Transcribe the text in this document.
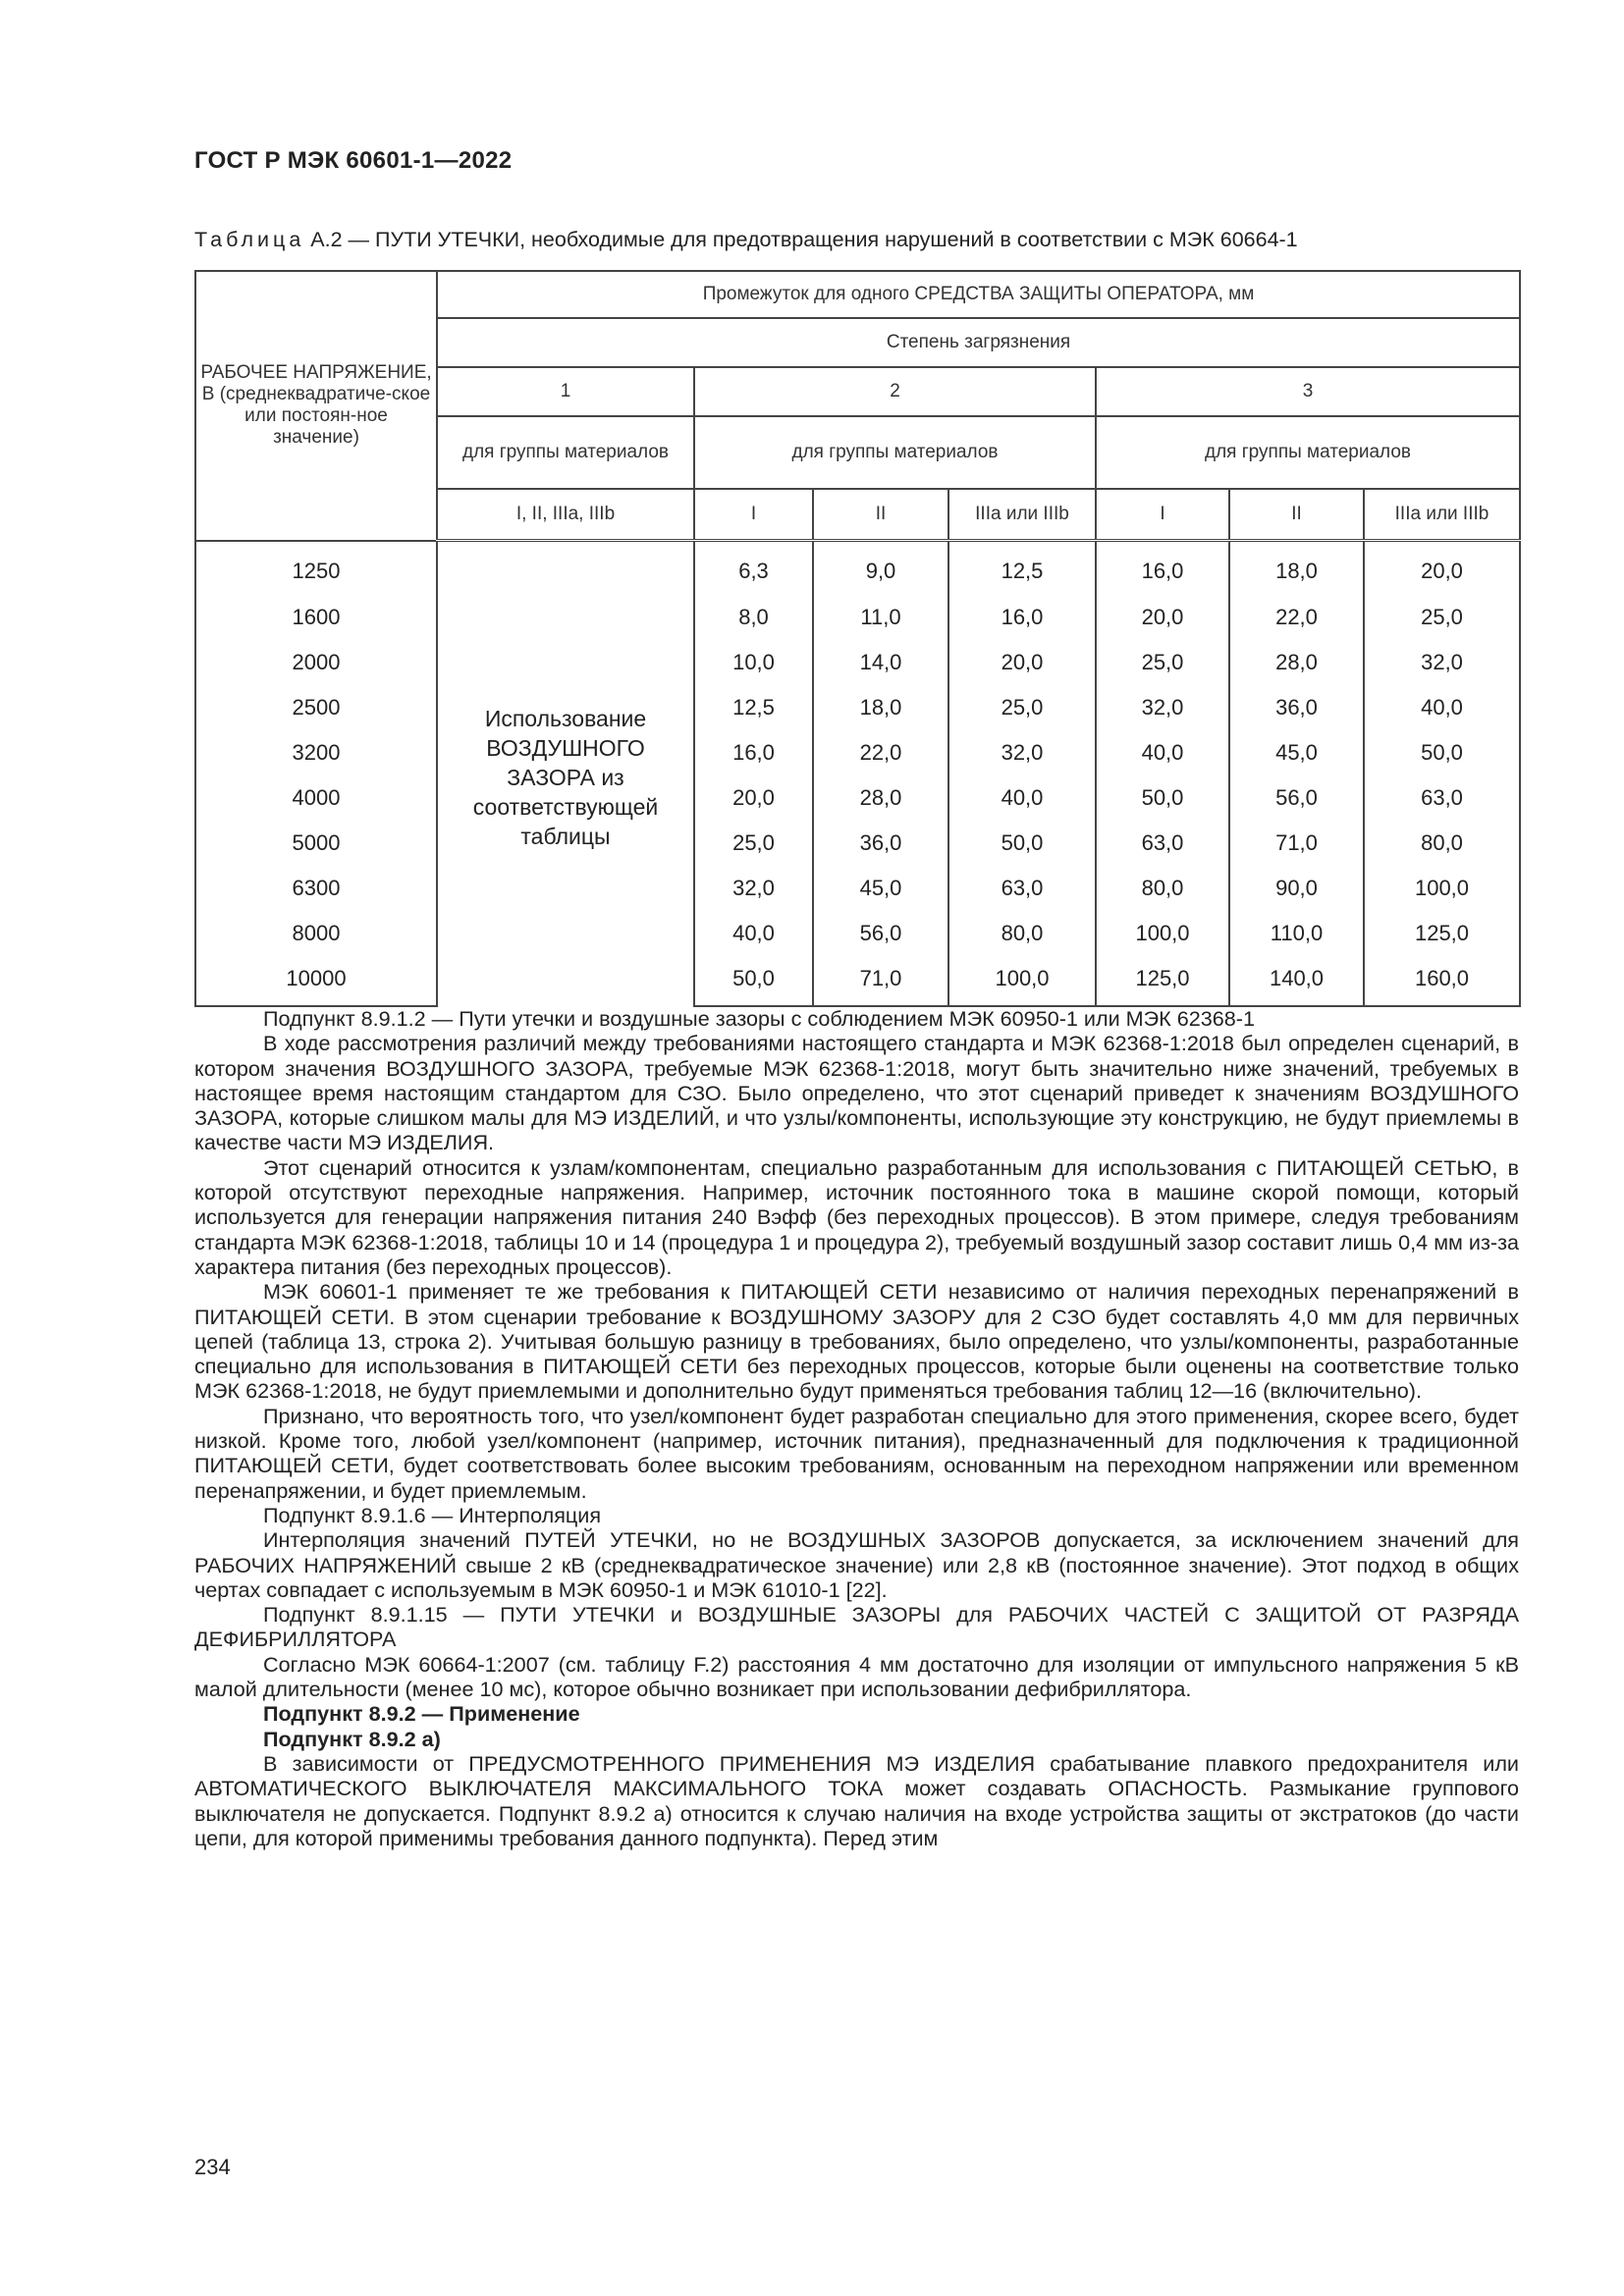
ГОСТ Р МЭК 60601-1—2022
Таблица А.2 — ПУТИ УТЕЧКИ, необходимые для предотвращения нарушений в соответствии с МЭК 60664-1
РАБОЧЕЕ НАПРЯЖЕНИЕ, В (среднеквадратиче-ское или постоян-ное значение)	Промежуток для одного СРЕДСТВА ЗАЩИТЫ ОПЕРАТОРА, мм						
	Степень загрязнения						
	1	2			3		
	для группы материалов	для группы материалов			для группы материалов		
	I, II, IIIa, IIIb	I	II	IIIa или IIIb	I	II	IIIa или IIIb
1250	Использование ВОЗДУШНОГО ЗАЗОРА из соответствующей таблицы	6,3	9,0	12,5	16,0	18,0	20,0
1600		8,0	11,0	16,0	20,0	22,0	25,0
2000		10,0	14,0	20,0	25,0	28,0	32,0
2500		12,5	18,0	25,0	32,0	36,0	40,0
3200		16,0	22,0	32,0	40,0	45,0	50,0
4000		20,0	28,0	40,0	50,0	56,0	63,0
5000		25,0	36,0	50,0	63,0	71,0	80,0
6300		32,0	45,0	63,0	80,0	90,0	100,0
8000		40,0	56,0	80,0	100,0	110,0	125,0
10000		50,0	71,0	100,0	125,0	140,0	160,0

Подпункт 8.9.1.2 — Пути утечки и воздушные зазоры с соблюдением МЭК 60950-1 или МЭК 62368-1

В ходе рассмотрения различий между требованиями настоящего стандарта и МЭК 62368-1:2018 был определен сценарий, в котором значения ВОЗДУШНОГО ЗАЗОРА, требуемые МЭК 62368-1:2018, могут быть значительно ниже значений, требуемых в настоящее время настоящим стандартом для СЗО. Было определено, что этот сценарий приведет к значениям ВОЗДУШНОГО ЗАЗОРА, которые слишком малы для МЭ ИЗДЕЛИЙ, и что узлы/компоненты, использующие эту конструкцию, не будут приемлемы в качестве части МЭ ИЗДЕЛИЯ.

Этот сценарий относится к узлам/компонентам, специально разработанным для использования с ПИТАЮЩЕЙ СЕТЬЮ, в которой отсутствуют переходные напряжения. Например, источник постоянного тока в машине скорой помощи, который используется для генерации напряжения питания 240 Вэфф (без переходных процессов). В этом примере, следуя требованиям стандарта МЭК 62368-1:2018, таблицы 10 и 14 (процедура 1 и процедура 2), требуемый воздушный зазор составит лишь 0,4 мм из-за характера питания (без переходных процессов).

МЭК 60601-1 применяет те же требования к ПИТАЮЩЕЙ СЕТИ независимо от наличия переходных перенапряжений в ПИТАЮЩЕЙ СЕТИ. В этом сценарии требование к ВОЗДУШНОМУ ЗАЗОРУ для 2 СЗО будет составлять 4,0 мм для первичных цепей (таблица 13, строка 2). Учитывая большую разницу в требованиях, было определено, что узлы/компоненты, разработанные специально для использования в ПИТАЮЩЕЙ СЕТИ без переходных процессов, которые были оценены на соответствие только МЭК 62368-1:2018, не будут приемлемыми и дополнительно будут применяться требования таблиц 12—16 (включительно).

Признано, что вероятность того, что узел/компонент будет разработан специально для этого применения, скорее всего, будет низкой. Кроме того, любой узел/компонент (например, источник питания), предназначенный для подключения к традиционной ПИТАЮЩЕЙ СЕТИ, будет соответствовать более высоким требованиям, основанным на переходном напряжении или временном перенапряжении, и будет приемлемым.

Подпункт 8.9.1.6 — Интерполяция

Интерполяция значений ПУТЕЙ УТЕЧКИ, но не ВОЗДУШНЫХ ЗАЗОРОВ допускается, за исключением значений для РАБОЧИХ НАПРЯЖЕНИЙ свыше 2 кВ (среднеквадратическое значение) или 2,8 кВ (постоянное значение). Этот подход в общих чертах совпадает с используемым в МЭК 60950-1 и МЭК 61010-1 [22].

Подпункт 8.9.1.15 — ПУТИ УТЕЧКИ и ВОЗДУШНЫЕ ЗАЗОРЫ для РАБОЧИХ ЧАСТЕЙ С ЗАЩИТОЙ ОТ РАЗРЯДА ДЕФИБРИЛЛЯТОРА

Согласно МЭК 60664-1:2007 (см. таблицу F.2) расстояния 4 мм достаточно для изоляции от импульсного напряжения 5 кВ малой длительности (менее 10 мс), которое обычно возникает при использовании дефибриллятора.

Подпункт 8.9.2 — Применение

Подпункт 8.9.2 a)

В зависимости от ПРЕДУСМОТРЕННОГО ПРИМЕНЕНИЯ МЭ ИЗДЕЛИЯ срабатывание плавкого предохранителя или АВТОМАТИЧЕСКОГО ВЫКЛЮЧАТЕЛЯ МАКСИМАЛЬНОГО ТОКА может создавать ОПАСНОСТЬ. Размыкание группового выключателя не допускается. Подпункт 8.9.2 a) относится к случаю наличия на входе устройства защиты от экстратоков (до части цепи, для которой применимы требования данного подпункта). Перед этим

234
